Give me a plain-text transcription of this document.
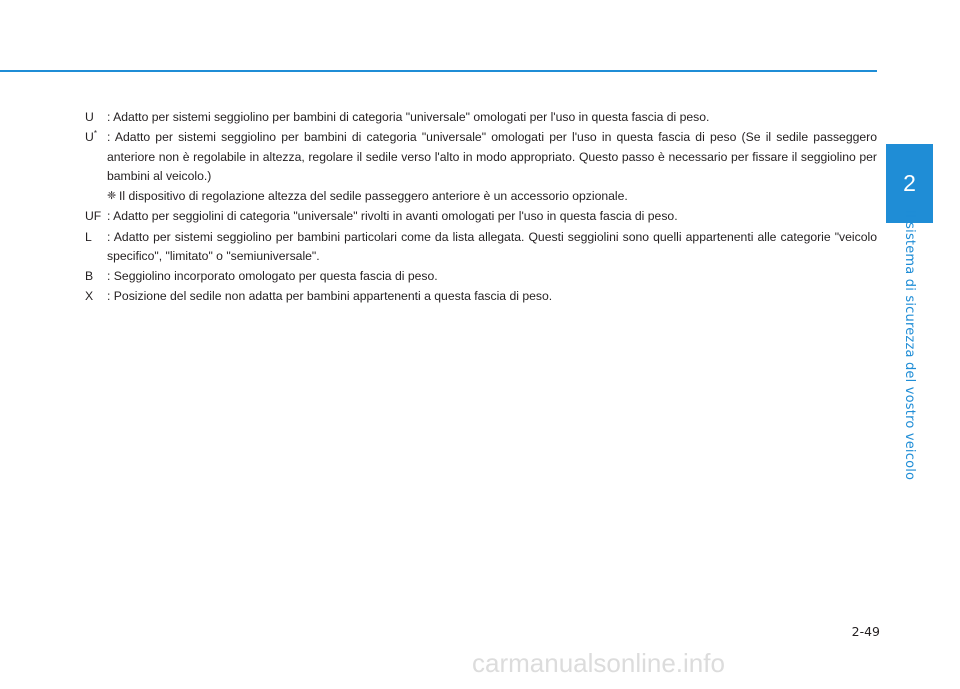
U	: Adatto per sistemi seggiolino per bambini di categoria "universale" omologati per l'uso in questa fascia di peso.
U* : Adatto per sistemi seggiolino per bambini di categoria "universale" omologati per l'uso in questa fascia di peso (Se il sedile passeggero anteriore non è regolabile in altezza, regolare il sedile verso l'alto in modo appropriato. Questo passo è necessario per fissare il seggiolino per bambini al veicolo.)
❈ Il dispositivo di regolazione altezza del sedile passeggero anteriore è un accessorio opzionale.
UF : Adatto per seggiolini di categoria "universale" rivolti in avanti omologati per l'uso in questa fascia di peso.
L	: Adatto per sistemi seggiolino per bambini particolari come da lista allegata. Questi seggiolini sono quelli appartenenti alle categorie "veicolo specifico", "limitato" o "semiuniversale".
B	: Seggiolino incorporato omologato per questa fascia di peso.
X	: Posizione del sedile non adatta per bambini appartenenti a questa fascia di peso.
2
Il sistema di sicurezza del vostro veicolo
2-49
carmanualsonline.info
